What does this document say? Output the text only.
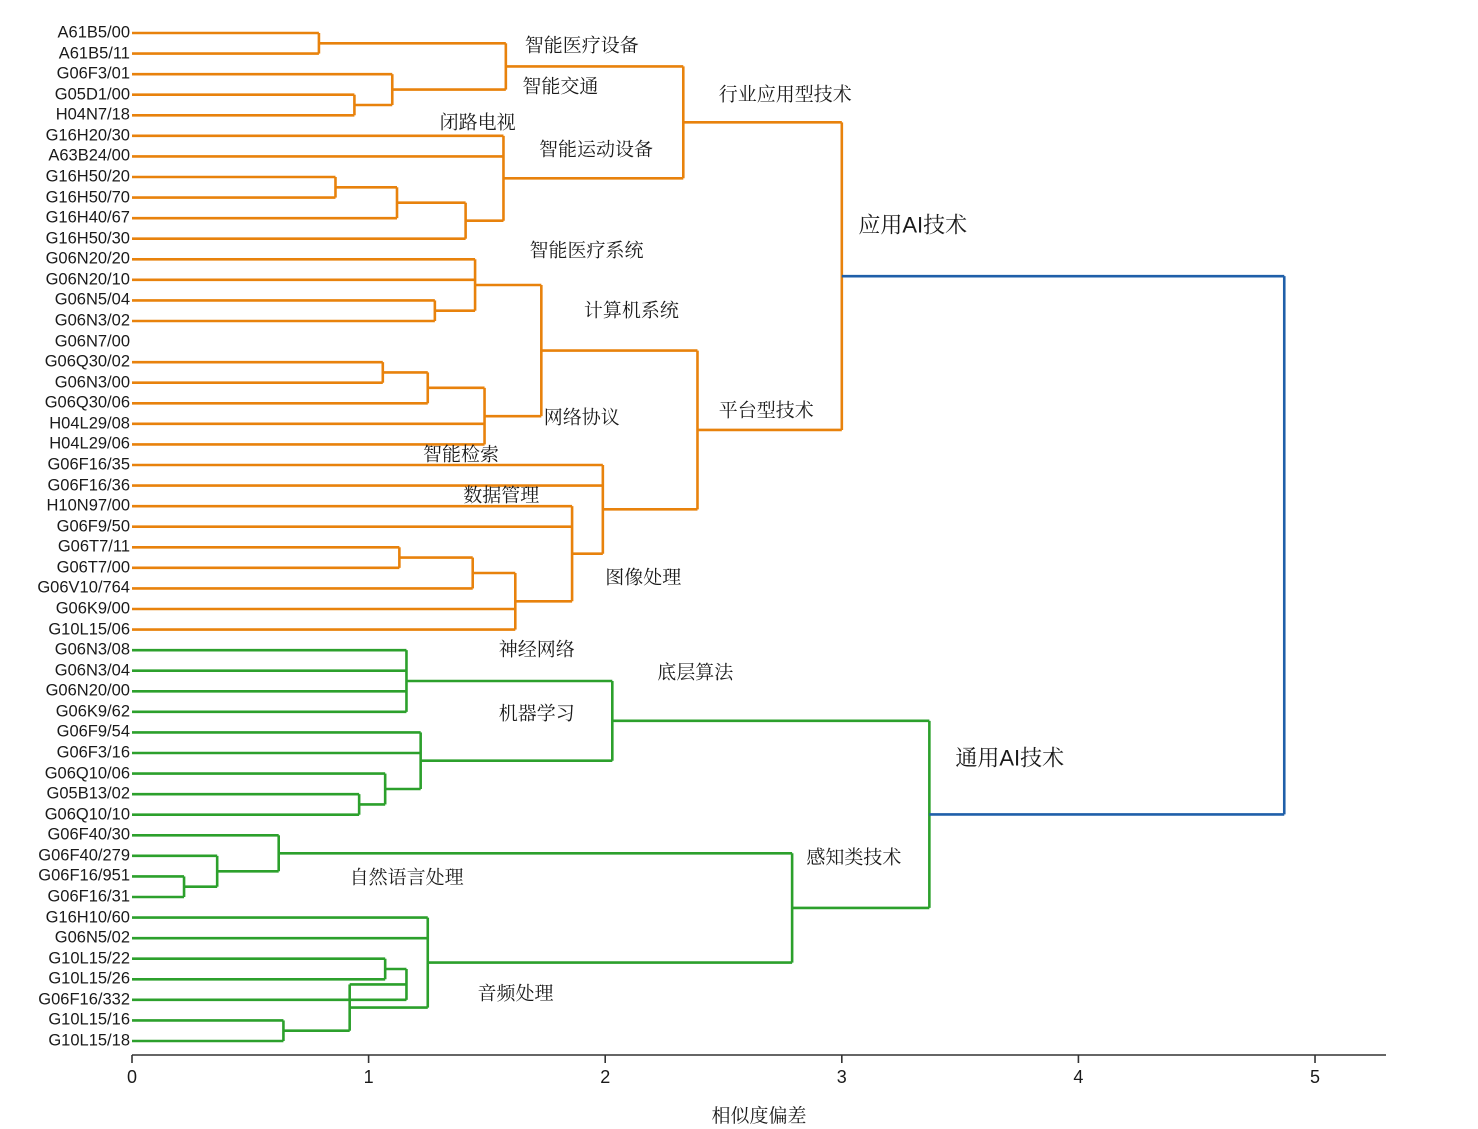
A61B5/00
A61B5/11
G06F3/01
G05D1/00
H04N7/18
G16H20/30
A63B24/00
G16H50/20
G16H50/70
G16H40/67
G16H50/30
G06N20/20
G06N20/10
G06N5/04
G06N3/02
G06N7/00
G06Q30/02
G06N3/00
G06Q30/06
H04L29/08
H04L29/06
G06F16/35
G06F16/36
H10N97/00
G06F9/50
G06T7/11
G06T7/00
G06V10/764
G06K9/00
G10L15/06
G06N3/08
G06N3/04
G06N20/00
G06K9/62
G06F9/54
G06F3/16
G06Q10/06
G05B13/02
G06Q10/10
G06F40/30
G06F40/279
G06F16/951
G06F16/31
G16H10/60
G06N5/02
G10L15/22
G10L15/26
G06F16/332
G10L15/16
G10L15/18
智能医疗设备
智能交通
闭路电视
智能运动设备
智能医疗系统
计算机系统
网络协议
智能检索
数据管理
图像处理
神经网络
机器学习
底层算法
自然语言处理
音频处理
感知类技术
行业应用型技术
平台型技术
应用AI技术
通用AI技术
0	1	2	3	4	5
相似度偏差
